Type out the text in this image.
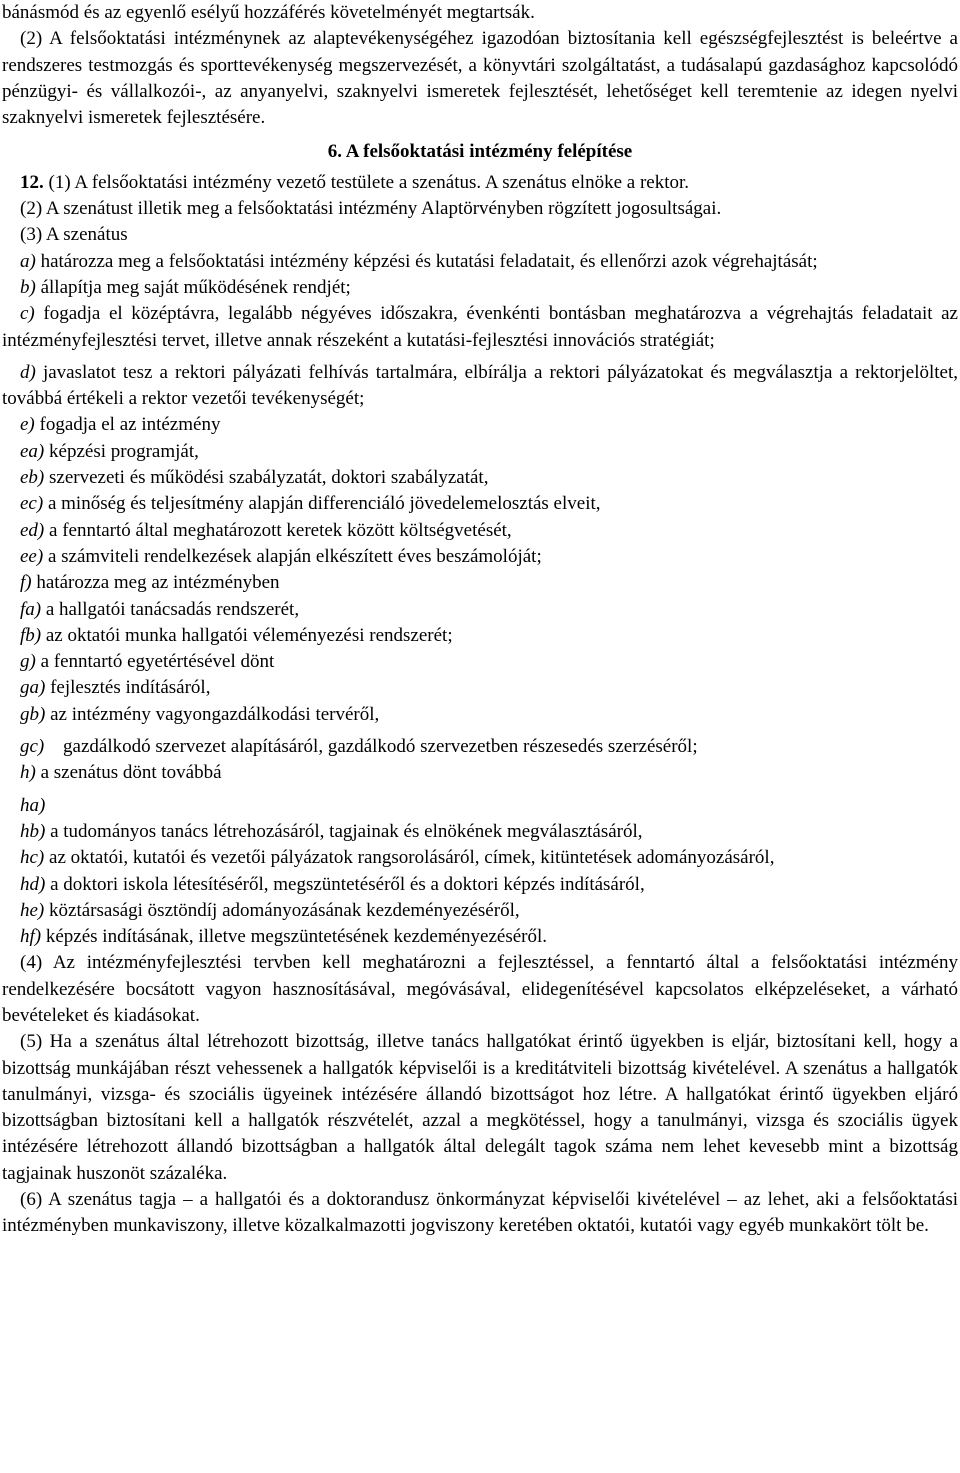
bánásmód és az egyenlő esélyű hozzáférés követelményét megtartsák.

(2) A felsőoktatási intézménynek az alaptevékenységéhez igazodóan biztosítania kell egészségfejlesztést is beleértve a rendszeres testmozgás és sporttevékenység megszervezését, a könyvtári szolgáltatást, a tudásalapú gazdasághoz kapcsolódó pénzügyi- és vállalkozói-, az anyanyelvi, szaknyelvi ismeretek fejlesztését, lehetőséget kell teremtenie az idegen nyelvi szaknyelvi ismeretek fejlesztésére.

6. A felsőoktatási intézmény felépítése

12. (1) A felsőoktatási intézmény vezető testülete a szenátus. A szenátus elnöke a rektor.

(2) A szenátust illetik meg a felsőoktatási intézmény Alaptörvényben rögzített jogosultságai.

(3) A szenátus

a) határozza meg a felsőoktatási intézmény képzési és kutatási feladatait, és ellenőrzi azok végrehajtását;

b) állapítja meg saját működésének rendjét;

c) fogadja el középtávra, legalább négyéves időszakra, évenkénti bontásban meghatározva a végrehajtás feladatait az intézményfejlesztési tervet, illetve annak részeként a kutatási-fejlesztési innovációs stratégiát;

d) javaslatot tesz a rektori pályázati felhívás tartalmára, elbírálja a rektori pályázatokat és megválasztja a rektorjelöltet, továbbá értékeli a rektor vezetői tevékenységét;

e) fogadja el az intézmény

ea) képzési programját,

eb) szervezeti és működési szabályzatát, doktori szabályzatát,

ec) a minőség és teljesítmény alapján differenciáló jövedelemelosztás elveit,

ed) a fenntartó által meghatározott keretek között költségvetését,

ee) a számviteli rendelkezések alapján elkészített éves beszámolóját;

f) határozza meg az intézményben

fa) a hallgatói tanácsadás rendszerét,

fb) az oktatói munka hallgatói véleményezési rendszerét;

g) a fenntartó egyetértésével dönt

ga) fejlesztés indításáról,

gb) az intézmény vagyongazdálkodási tervéről,

gc) gazdálkodó szervezet alapításáról, gazdálkodó szervezetben részesedés szerzéséről;

h) a szenátus dönt továbbá

ha)

hb) a tudományos tanács létrehozásáról, tagjainak és elnökének megválasztásáról,

hc) az oktatói, kutatói és vezetői pályázatok rangsorolásáról, címek, kitüntetések adományozásáról,

hd) a doktori iskola létesítéséről, megszüntetéséről és a doktori képzés indításáról,

he) köztársasági ösztöndíj adományozásának kezdeményezéséről,

hf) képzés indításának, illetve megszüntetésének kezdeményezéséről.

(4) Az intézményfejlesztési tervben kell meghatározni a fejlesztéssel, a fenntartó által a felsőoktatási intézmény rendelkezésére bocsátott vagyon hasznosításával, megóvásával, elidegenítésével kapcsolatos elképzeléseket, a várható bevételeket és kiadásokat.

(5) Ha a szenátus által létrehozott bizottság, illetve tanács hallgatókat érintő ügyekben is eljár, biztosítani kell, hogy a bizottság munkájában részt vehessenek a hallgatók képviselői is a kreditátviteli bizottság kivételével. A szenátus a hallgatók tanulmányi, vizsga- és szociális ügyeinek intézésére állandó bizottságot hoz létre. A hallgatókat érintő ügyekben eljáró bizottságban biztosítani kell a hallgatók részvételét, azzal a megkötéssel, hogy a tanulmányi, vizsga és szociális ügyek intézésére létrehozott állandó bizottságban a hallgatók által delegált tagok száma nem lehet kevesebb mint a bizottság tagjainak huszonöt százaléka.

(6) A szenátus tagja – a hallgatói és a doktorandusz önkormányzat képviselői kivételével – az lehet, aki a felsőoktatási intézményben munkaviszony, illetve közalkalmazotti jogviszony keretében oktatói, kutatói vagy egyéb munkakört tölt be.
